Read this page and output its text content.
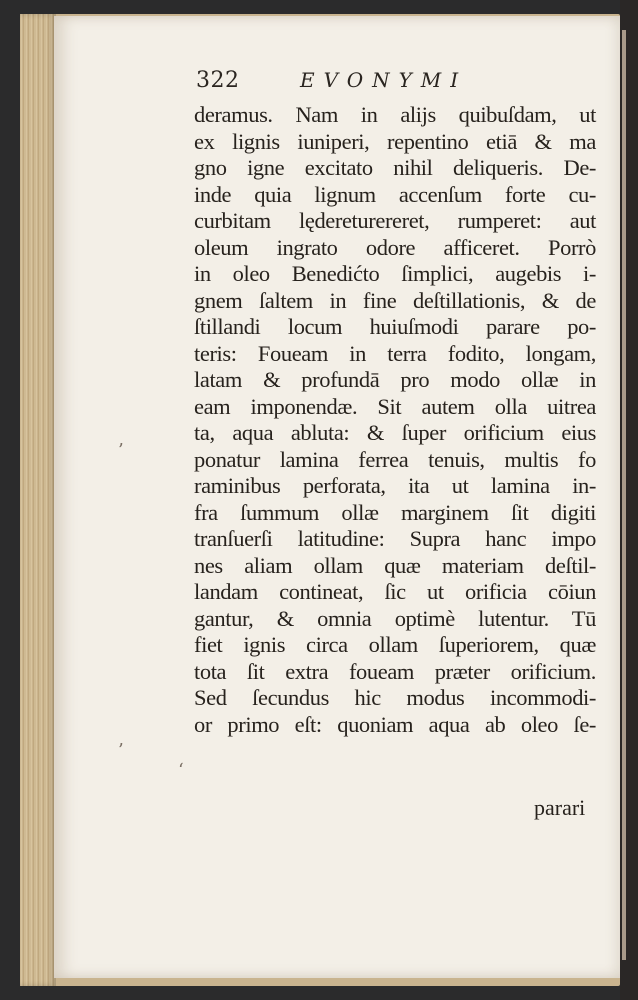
322	EVONYMI
deramus. Nam in alijs quibuſdam, ut
ex lignis iuniperi, repentino etiā & ma
gno igne excitato nihil deliqueris. De-
inde quia lignum accenſum forte cu-
curbitam lędereturereret, rumperet: aut
oleum ingrato odore afficeret. Porrò
in oleo Benedićto ſimplici, augebis i-
gnem ſaltem in fine deſtillationis, & de
ſtillandi locum huiuſmodi parare po-
teris: Foueam in terra fodito, longam,
latam & profundā pro modo ollæ in
eam imponendæ. Sit autem olla uitrea
ta, aqua abluta: & ſuper orificium eius
ponatur lamina ferrea tenuis, multis fo
raminibus perforata, ita ut lamina in-
fra ſummum ollæ marginem ſit digiti
tranſuerſi latitudine: Supra hanc impo
nes aliam ollam quæ materiam deſtil-
landam contineat, ſic ut orificia cōiun
gantur, & omnia optimè lutentur. Tū
fiet ignis circa ollam ſuperiorem, quæ
tota ſit extra foueam præter orificium.
Sed ſecundus hic modus incommodi-
or primo eſt: quoniam aqua ab oleo ſe-

parari
’
’
‘
